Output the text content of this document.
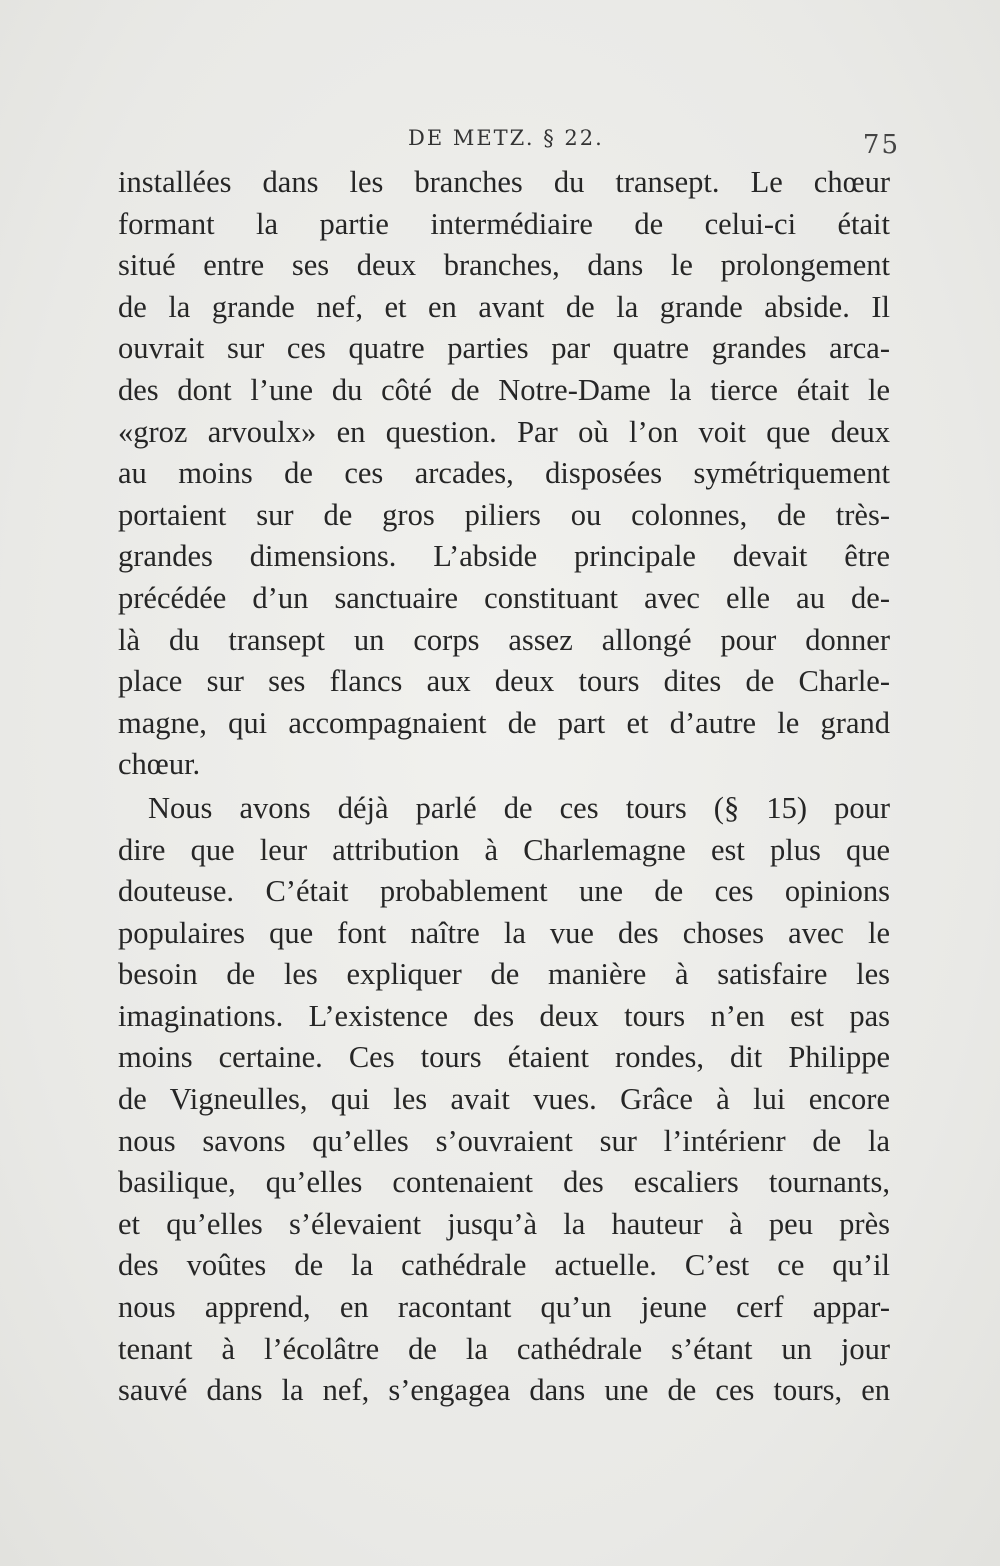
DE METZ. § 22.	75
installées dans les branches du transept. Le chœur
formant la partie intermédiaire de celui-ci était
situé entre ses deux branches, dans le prolongement
de la grande nef, et en avant de la grande abside. Il
ouvrait sur ces quatre parties par quatre grandes arca-
des dont l’une du côté de Notre-Dame la tierce était le
«groz arvoulx» en question. Par où l’on voit que deux
au moins de ces arcades, disposées symétriquement
portaient sur de gros piliers ou colonnes, de très-
grandes dimensions. L’abside principale devait être
précédée d’un sanctuaire constituant avec elle au de-
là du transept un corps assez allongé pour donner
place sur ses flancs aux deux tours dites de Charle-
magne, qui accompagnaient de part et d’autre le grand
chœur.
Nous avons déjà parlé de ces tours (§ 15) pour
dire que leur attribution à Charlemagne est plus que
douteuse. C’était probablement une de ces opinions
populaires que font naître la vue des choses avec le
besoin de les expliquer de manière à satisfaire les
imaginations. L’existence des deux tours n’en est pas
moins certaine. Ces tours étaient rondes, dit Philippe
de Vigneulles, qui les avait vues. Grâce à lui encore
nous savons qu’elles s’ouvraient sur l’intérienr de la
basilique, qu’elles contenaient des escaliers tournants,
et qu’elles s’élevaient jusqu’à la hauteur à peu près
des voûtes de la cathédrale actuelle. C’est ce qu’il
nous apprend, en racontant qu’un jeune cerf appar-
tenant à l’écolâtre de la cathédrale s’étant un jour
sauvé dans la nef, s’engagea dans une de ces tours, en
